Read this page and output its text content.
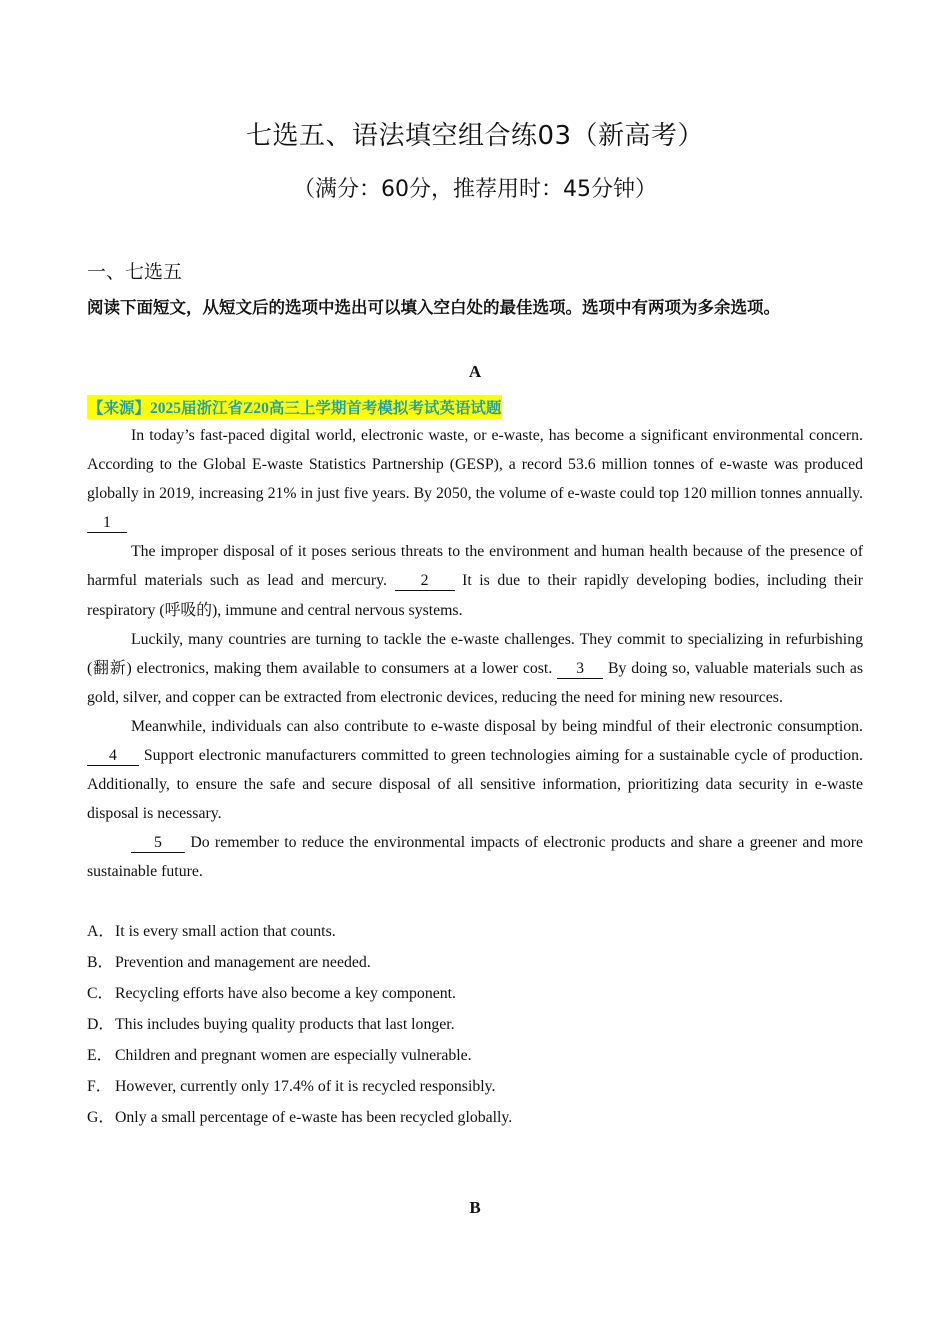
七选五、语法填空组合练03（新高考）
（满分：60分，推荐用时：45分钟）
一、七选五
阅读下面短文，从短文后的选项中选出可以填入空白处的最佳选项。选项中有两项为多余选项。
A
【来源】2025届浙江省Z20高三上学期首考模拟考试英语试题

In today’s fast-paced digital world, electronic waste, or e-waste, has become a significant environmental concern. According to the Global E-waste Statistics Partnership (GESP), a record 53.6 million tonnes of e-waste was produced globally in 2019, increasing 21% in just five years. By 2050, the volume of e-waste could top 120 million tonnes annually. 1

The improper disposal of it poses serious threats to the environment and human health because of the presence of harmful materials such as lead and mercury. 2 It is due to their rapidly developing bodies, including their respiratory (呼吸的), immune and central nervous systems.

Luckily, many countries are turning to tackle the e-waste challenges. They commit to specializing in refurbishing (翻新) electronics, making them available to consumers at a lower cost. 3 By doing so, valuable materials such as gold, silver, and copper can be extracted from electronic devices, reducing the need for mining new resources.

Meanwhile, individuals can also contribute to e-waste disposal by being mindful of their electronic consumption. 4 Support electronic manufacturers committed to green technologies aiming for a sustainable cycle of production. Additionally, to ensure the safe and secure disposal of all sensitive information, prioritizing data security in e-waste disposal is necessary.

5 Do remember to reduce the environmental impacts of electronic products and share a greener and more sustainable future.

A．It is every small action that counts.
B． Prevention and management are needed.
C． Recycling efforts have also become a key component.
D．This includes buying quality products that last longer.
E． Children and pregnant women are especially vulnerable.
F． However, currently only 17.4% of it is recycled responsibly.
G．Only a small percentage of e-waste has been recycled globally.
B
